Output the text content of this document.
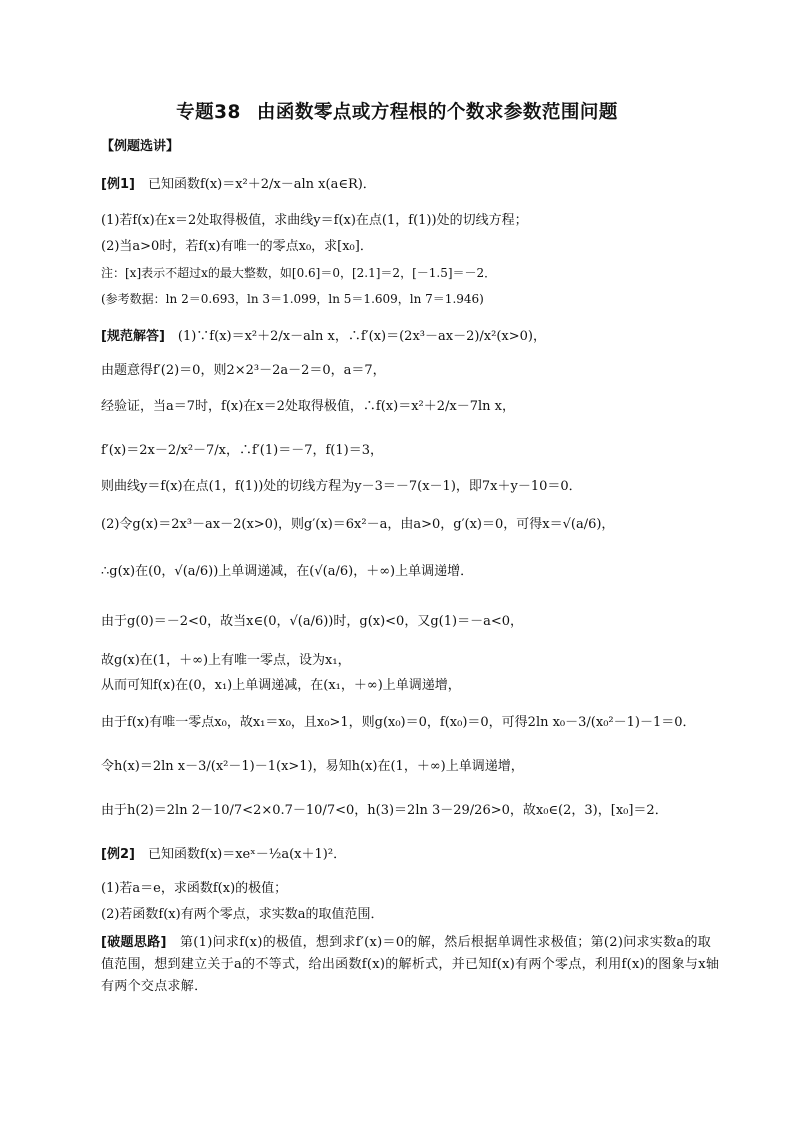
专题38 由函数零点或方程根的个数求参数范围问题
【例题选讲】
[例1]　已知函数f(x)＝x²＋2/x－aln x(a∈R)．
(1)若f(x)在x＝2处取得极值，求曲线y＝f(x)在点(1，f(1))处的切线方程；
(2)当a>0时，若f(x)有唯一的零点x₀，求[x₀]．
注：[x]表示不超过x的最大整数，如[0.6]＝0，[2.1]＝2，[－1.5]＝－2．
(参考数据：ln 2＝0.693，ln 3＝1.099，ln 5＝1.609，ln 7＝1.946)
[规范解答]　(1)∵f(x)＝x²＋2/x－aln x，∴f′(x)＝(2x³－ax－2)/x²(x>0)，
由题意得f′(2)＝0，则2×2³－2a－2＝0，a＝7，
经验证，当a＝7时，f(x)在x＝2处取得极值，∴f(x)＝x²＋2/x－7ln x，
f′(x)＝2x－2/x²－7/x，∴f′(1)＝－7，f(1)＝3，
则曲线y＝f(x)在点(1，f(1))处的切线方程为y－3＝－7(x－1)，即7x＋y－10＝0．
(2)令g(x)＝2x³－ax－2(x>0)，则g′(x)＝6x²－a，由a>0，g′(x)＝0，可得x＝√(a/6)，
∴g(x)在(0，√(a/6))上单调递减，在(√(a/6)，＋∞)上单调递增．
由于g(0)＝－2<0，故当x∈(0，√(a/6))时，g(x)<0，又g(1)＝－a<0，
故g(x)在(1，＋∞)上有唯一零点，设为x₁，
从而可知f(x)在(0，x₁)上单调递减，在(x₁，＋∞)上单调递增，
由于f(x)有唯一零点x₀，故x₁＝x₀，且x₀>1，则g(x₀)＝0，f(x₀)＝0，可得2ln x₀－3/(x₀²－1)－1＝0．
令h(x)＝2ln x－3/(x²－1)－1(x>1)，易知h(x)在(1，＋∞)上单调递增，
由于h(2)＝2ln 2－10/7<2×0.7－10/7<0，h(3)＝2ln 3－29/26>0，故x₀∈(2，3)，[x₀]＝2．
[例2]　已知函数f(x)＝xeˣ－½a(x＋1)²．
(1)若a＝e，求函数f(x)的极值；
(2)若函数f(x)有两个零点，求实数a的取值范围．
[破题思路]　第(1)问求f(x)的极值，想到求f′(x)＝0的解，然后根据单调性求极值；第(2)问求实数a的取值范围，想到建立关于a的不等式，给出函数f(x)的解析式，并已知f(x)有两个零点，利用f(x)的图象与x轴有两个交点求解．
